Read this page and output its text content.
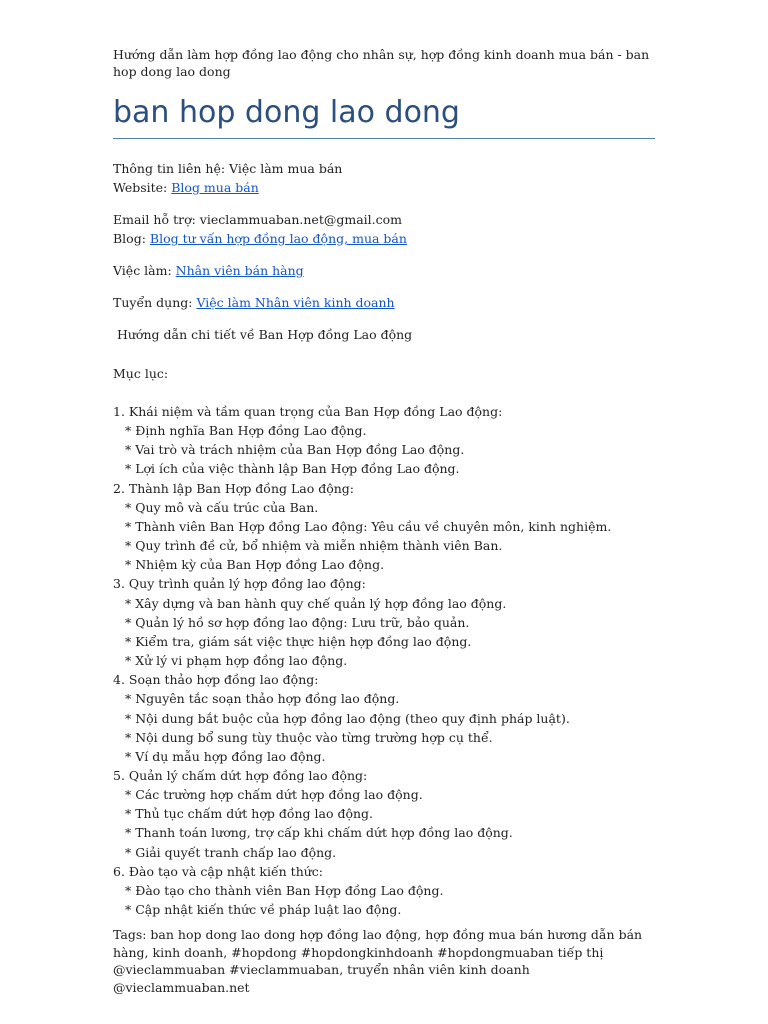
Hướng dẫn làm hợp đồng lao động cho nhân sự, hợp đồng kinh doanh mua bán - ban hop dong lao dong
ban hop dong lao dong
Thông tin liên hệ: Việc làm mua bán
Website: Blog mua bán
Email hỗ trợ: vieclammuaban.net@gmail.com
Blog: Blog tư vấn hợp đồng lao động, mua bán
Việc làm: Nhân viên bán hàng
Tuyển dụng: Việc làm Nhân viên kinh doanh
Hướng dẫn chi tiết về Ban Hợp đồng Lao động
Mục lục:
1. Khái niệm và tầm quan trọng của Ban Hợp đồng Lao động:
* Định nghĩa Ban Hợp đồng Lao động.
* Vai trò và trách nhiệm của Ban Hợp đồng Lao động.
* Lợi ích của việc thành lập Ban Hợp đồng Lao động.
2. Thành lập Ban Hợp đồng Lao động:
* Quy mô và cấu trúc của Ban.
* Thành viên Ban Hợp đồng Lao động: Yêu cầu về chuyên môn, kinh nghiệm.
* Quy trình đề cử, bổ nhiệm và miễn nhiệm thành viên Ban.
* Nhiệm kỳ của Ban Hợp đồng Lao động.
3. Quy trình quản lý hợp đồng lao động:
* Xây dựng và ban hành quy chế quản lý hợp đồng lao động.
* Quản lý hồ sơ hợp đồng lao động: Lưu trữ, bảo quản.
* Kiểm tra, giám sát việc thực hiện hợp đồng lao động.
* Xử lý vi phạm hợp đồng lao động.
4. Soạn thảo hợp đồng lao động:
* Nguyên tắc soạn thảo hợp đồng lao động.
* Nội dung bắt buộc của hợp đồng lao động (theo quy định pháp luật).
* Nội dung bổ sung tùy thuộc vào từng trường hợp cụ thể.
* Ví dụ mẫu hợp đồng lao động.
5. Quản lý chấm dứt hợp đồng lao động:
* Các trường hợp chấm dứt hợp đồng lao động.
* Thủ tục chấm dứt hợp đồng lao động.
* Thanh toán lương, trợ cấp khi chấm dứt hợp đồng lao động.
* Giải quyết tranh chấp lao động.
6. Đào tạo và cập nhật kiến thức:
* Đào tạo cho thành viên Ban Hợp đồng Lao động.
* Cập nhật kiến thức về pháp luật lao động.
Tags: ban hop dong lao dong hợp đồng lao động, hợp đồng mua bán hương dẫn bán hàng, kinh doanh, #hopdong #hopdongkinhdoanh #hopdongmuaban tiếp thị @vieclammuaban #vieclammuaban, truyển nhân viên kinh doanh @vieclammuaban.net
